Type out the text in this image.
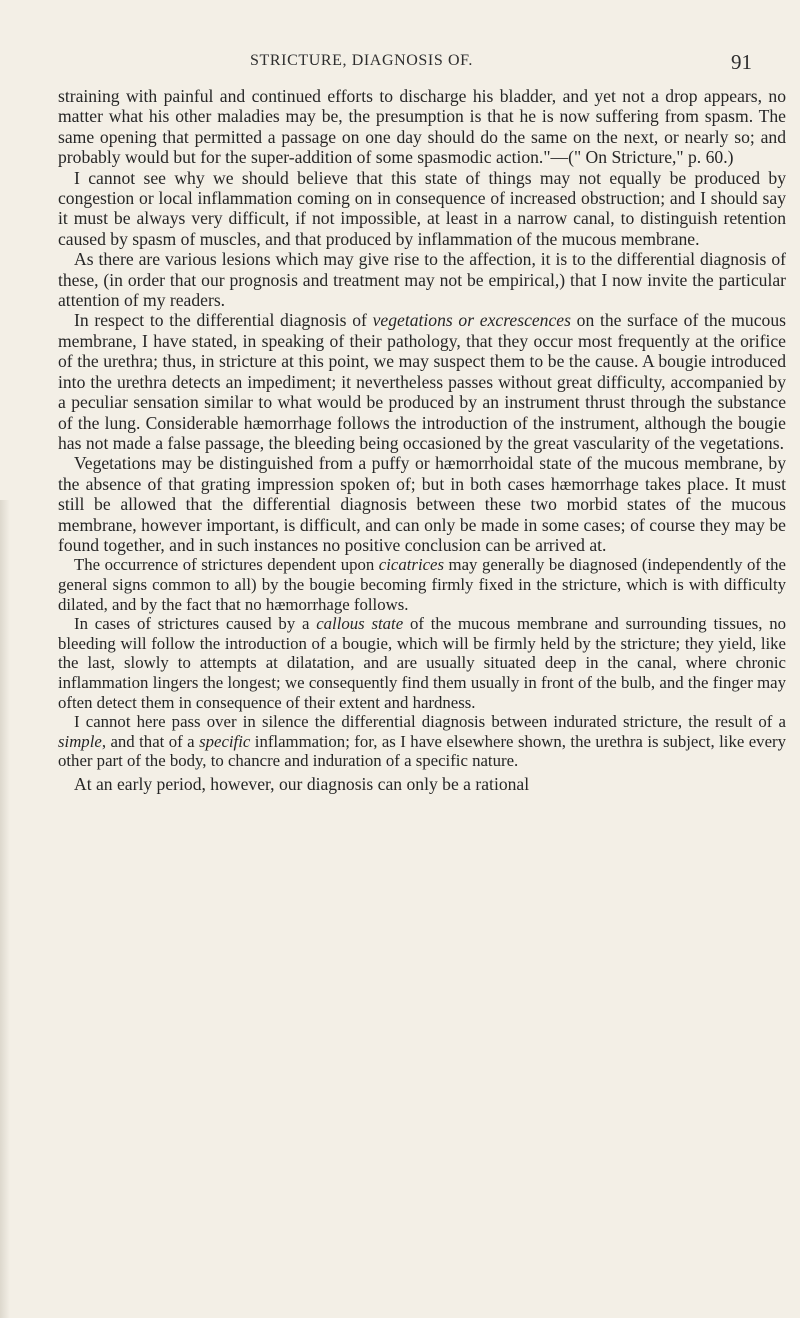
STRICTURE, DIAGNOSIS OF.	91

straining with painful and continued efforts to discharge his bladder, and yet not a drop appears, no matter what his other maladies may be, the presumption is that he is now suffering from spasm. The same opening that permitted a passage on one day should do the same on the next, or nearly so; and probably would but for the super-addition of some spasmodic action."—(" On Stricture," p. 60.)

I cannot see why we should believe that this state of things may not equally be produced by congestion or local inflammation coming on in consequence of increased obstruction; and I should say it must be always very difficult, if not impossible, at least in a narrow canal, to distinguish retention caused by spasm of muscles, and that produced by inflammation of the mucous membrane.

As there are various lesions which may give rise to the affection, it is to the differential diagnosis of these, (in order that our prognosis and treatment may not be empirical,) that I now invite the particular attention of my readers.

In respect to the differential diagnosis of vegetations or excrescences on the surface of the mucous membrane, I have stated, in speaking of their pathology, that they occur most frequently at the orifice of the urethra; thus, in stricture at this point, we may suspect them to be the cause. A bougie introduced into the urethra detects an impediment; it nevertheless passes without great difficulty, accompanied by a peculiar sensation similar to what would be produced by an instrument thrust through the substance of the lung. Considerable hæmorrhage follows the introduction of the instrument, although the bougie has not made a false passage, the bleeding being occasioned by the great vascularity of the vegetations.

Vegetations may be distinguished from a puffy or hæmorrhoidal state of the mucous membrane, by the absence of that grating impression spoken of; but in both cases hæmorrhage takes place. It must still be allowed that the differential diagnosis between these two morbid states of the mucous membrane, however important, is difficult, and can only be made in some cases; of course they may be found together, and in such instances no positive conclusion can be arrived at.

The occurrence of strictures dependent upon cicatrices may generally be diagnosed (independently of the general signs common to all) by the bougie becoming firmly fixed in the stricture, which is with difficulty dilated, and by the fact that no hæmorrhage follows.

In cases of strictures caused by a callous state of the mucous membrane and surrounding tissues, no bleeding will follow the introduction of a bougie, which will be firmly held by the stricture; they yield, like the last, slowly to attempts at dilatation, and are usually situated deep in the canal, where chronic inflammation lingers the longest; we consequently find them usually in front of the bulb, and the finger may often detect them in consequence of their extent and hardness.

I cannot here pass over in silence the differential diagnosis between indurated stricture, the result of a simple, and that of a specific inflammation; for, as I have elsewhere shown, the urethra is subject, like every other part of the body, to chancre and induration of a specific nature.

At an early period, however, our diagnosis can only be a rational
